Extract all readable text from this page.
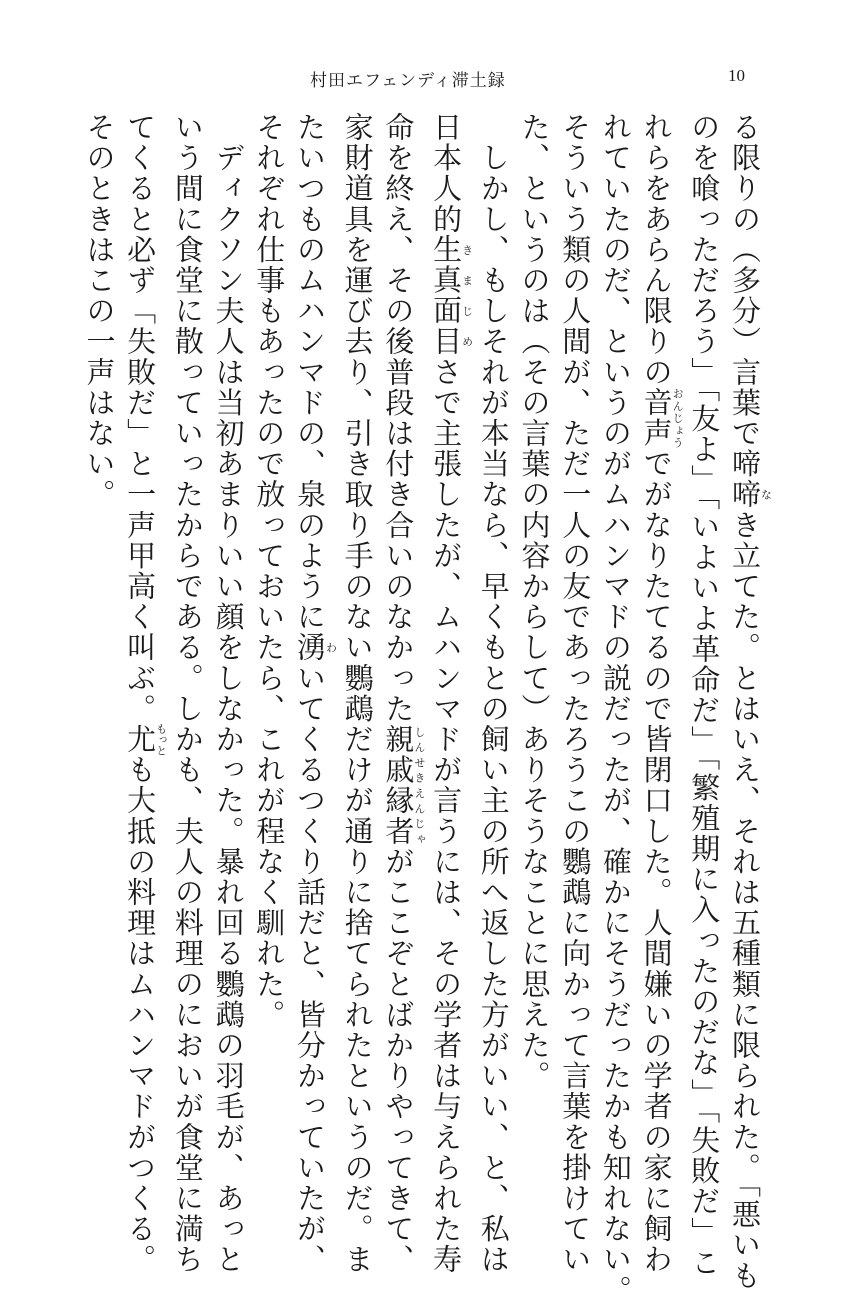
村田エフェンディ滞土録	10
る限りの（多分）言葉で啼啼なき立てた。とはいえ、それは五種類に限られた。「悪いも
のを喰っただろう」「友よ」「いよいよ革命だ」「繁殖期に入ったのだな」「失敗だ」こ
れらをあらん限りの音声おんじょうでがなりたてるので皆閉口した。人間嫌いの学者の家に飼わ
れていたのだ、というのがムハンマドの説だったが、確かにそうだったかも知れない。
そういう類の人間が、ただ一人の友であったろうこの鸚鵡に向かって言葉を掛けてい
た、というのは（その言葉の内容からして）ありそうなことに思えた。
　しかし、もしそれが本当なら、早くもとの飼い主の所へ返した方がいい、と、私は
日本人的生真面目きまじめさで主張したが、ムハンマドが言うには、その学者は与えられた寿
命を終え、その後普段は付き合いのなかった親戚縁者しんせきえんじゃがここぞとばかりやってきて、
家財道具を運び去り、引き取り手のない鸚鵡だけが通りに捨てられたというのだ。ま
たいつものムハンマドの、泉のように湧わいてくるつくり話だと、皆分かっていたが、
それぞれ仕事もあったので放っておいたら、これが程なく馴れた。
　ディクソン夫人は当初あまりいい顔をしなかった。暴れ回る鸚鵡の羽毛が、あっと
いう間に食堂に散っていったからである。しかも、夫人の料理のにおいが食堂に満ち
てくると必ず「失敗だ」と一声甲高く叫ぶ。尤もっとも大抵の料理はムハンマドがつくる。
そのときはこの一声はない。
